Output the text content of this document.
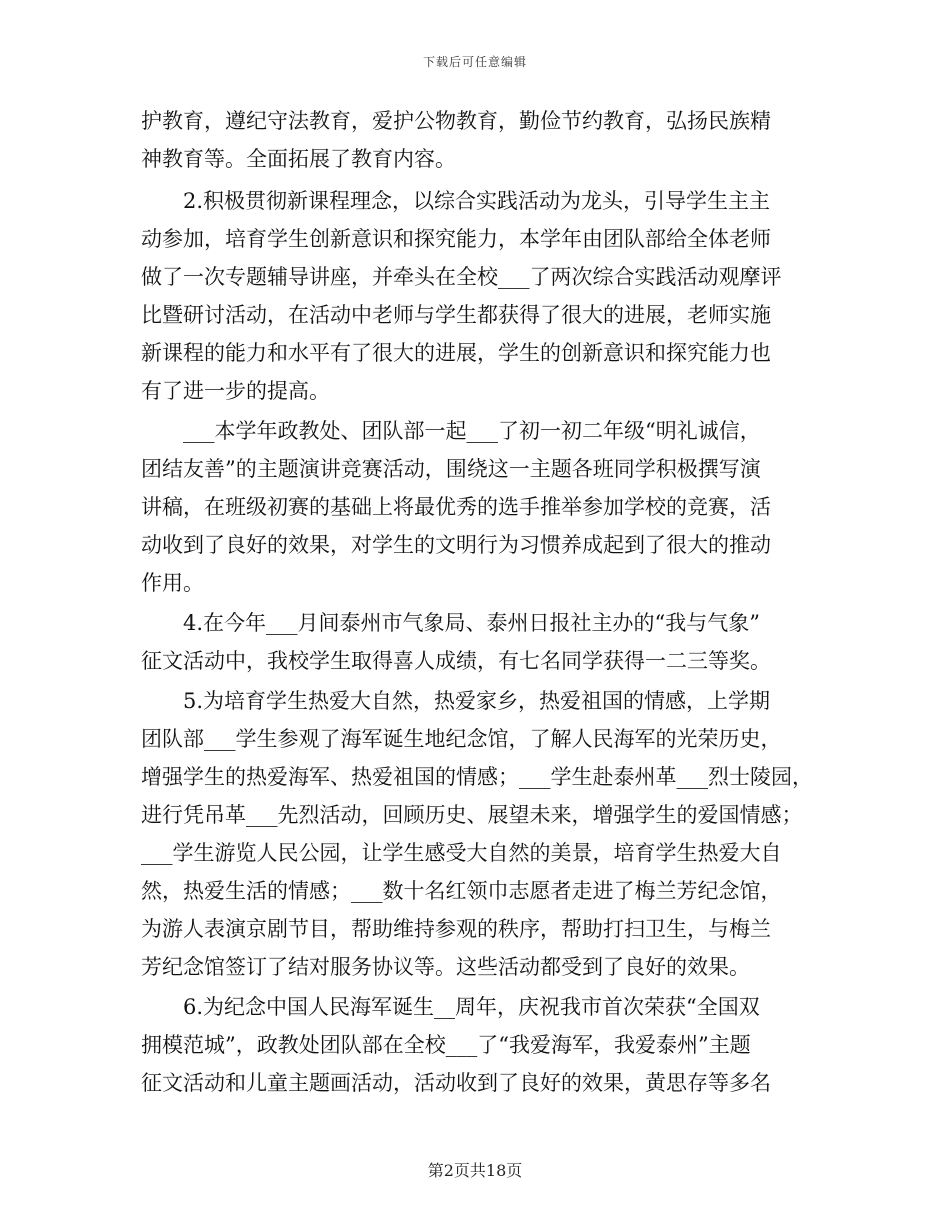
下载后可任意编辑
护教育，遵纪守法教育，爱护公物教育，勤俭节约教育，弘扬民族精
神教育等。全面拓展了教育内容。
2.积极贯彻新课程理念，以综合实践活动为龙头，引导学生主主
动参加，培育学生创新意识和探究能力，本学年由团队部给全体老师
做了一次专题辅导讲座，并牵头在全校___了两次综合实践活动观摩评
比暨研讨活动，在活动中老师与学生都获得了很大的进展，老师实施
新课程的能力和水平有了很大的进展，学生的创新意识和探究能力也
有了进一步的提高。
___本学年政教处、团队部一起___了初一初二年级“明礼诚信，
团结友善”的主题演讲竞赛活动，围绕这一主题各班同学积极撰写演
讲稿，在班级初赛的基础上将最优秀的选手推举参加学校的竞赛，活
动收到了良好的效果，对学生的文明行为习惯养成起到了很大的推动
作用。
4.在今年___月间泰州市气象局、泰州日报社主办的“我与气象”
征文活动中，我校学生取得喜人成绩，有七名同学获得一二三等奖。
5.为培育学生热爱大自然，热爱家乡，热爱祖国的情感，上学期
团队部___学生参观了海军诞生地纪念馆，了解人民海军的光荣历史，
增强学生的热爱海军、热爱祖国的情感；___学生赴泰州革___烈士陵园，
进行凭吊革___先烈活动，回顾历史、展望未来，增强学生的爱国情感；
___学生游览人民公园，让学生感受大自然的美景，培育学生热爱大自
然，热爱生活的情感；___数十名红领巾志愿者走进了梅兰芳纪念馆，
为游人表演京剧节目，帮助维持参观的秩序，帮助打扫卫生，与梅兰
芳纪念馆签订了结对服务协议等。这些活动都受到了良好的效果。
6.为纪念中国人民海军诞生__周年，庆祝我市首次荣获“全国双
拥模范城”，政教处团队部在全校___了“我爱海军，我爱泰州”主题
征文活动和儿童主题画活动，活动收到了良好的效果，黄思存等多名
第2页共18页
